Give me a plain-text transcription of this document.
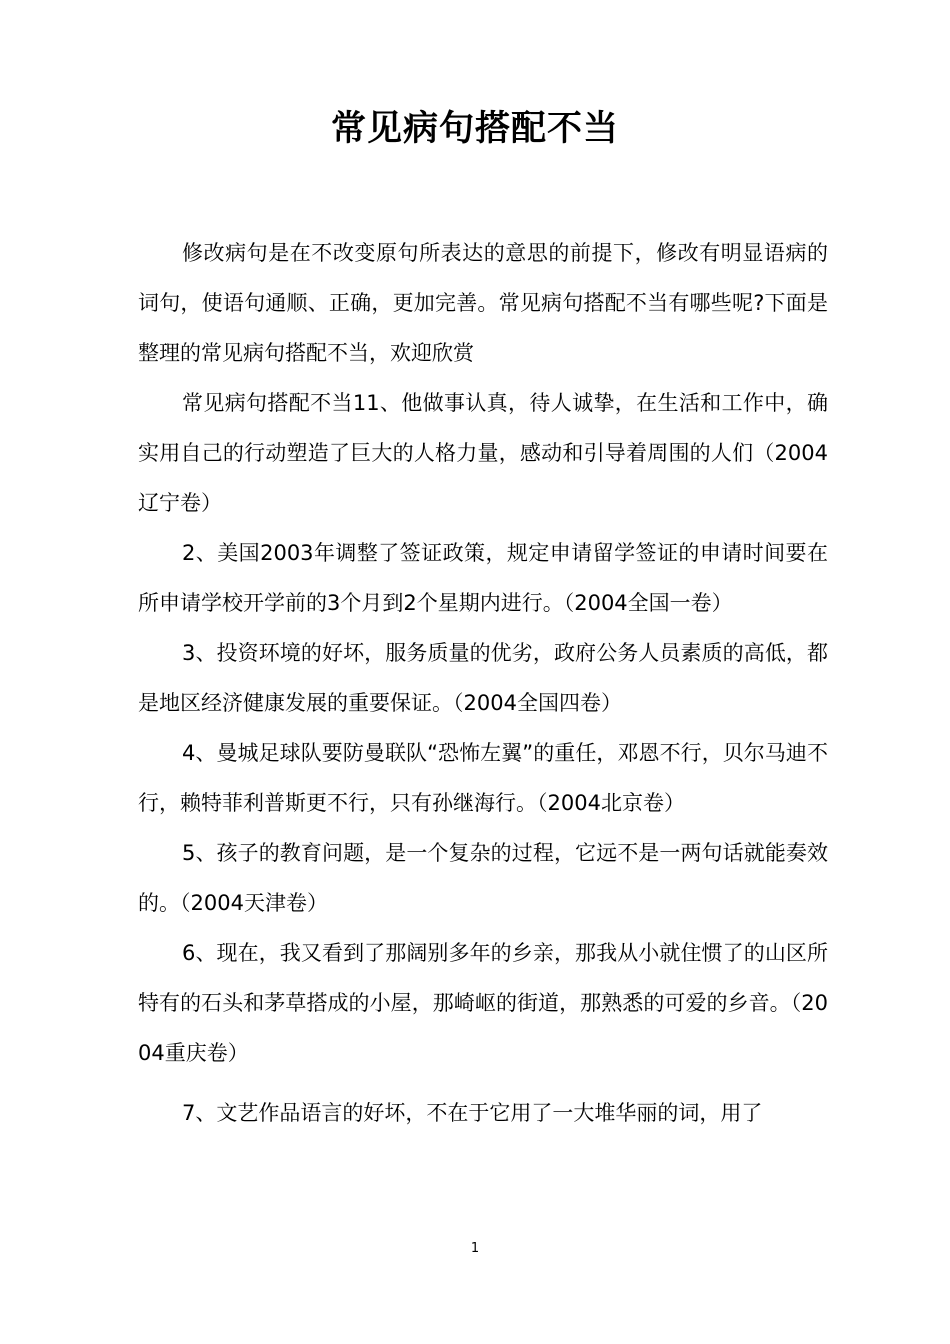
常见病句搭配不当

修改病句是在不改变原句所表达的意思的前提下，修改有明显语病的词句，使语句通顺、正确，更加完善。常见病句搭配不当有哪些呢?下面是整理的常见病句搭配不当，欢迎欣赏

常见病句搭配不当11、他做事认真，待人诚挚，在生活和工作中，确实用自己的行动塑造了巨大的人格力量，感动和引导着周围的人们（2004辽宁卷）

2、美国2003年调整了签证政策，规定申请留学签证的申请时间要在所申请学校开学前的3个月到2个星期内进行。（2004全国一卷）

3、投资环境的好坏，服务质量的优劣，政府公务人员素质的高低，都是地区经济健康发展的重要保证。（2004全国四卷）

4、曼城足球队要防曼联队“恐怖左翼”的重任，邓恩不行，贝尔马迪不行，赖特菲利普斯更不行，只有孙继海行。（2004北京卷）

5、孩子的教育问题，是一个复杂的过程，它远不是一两句话就能奏效的。（2004天津卷）

6、现在，我又看到了那阔别多年的乡亲，那我从小就住惯了的山区所特有的石头和茅草搭成的小屋，那崎岖的街道，那熟悉的可爱的乡音。（2004重庆卷）

7、文艺作品语言的好坏，不在于它用了一大堆华丽的词，用了

1
